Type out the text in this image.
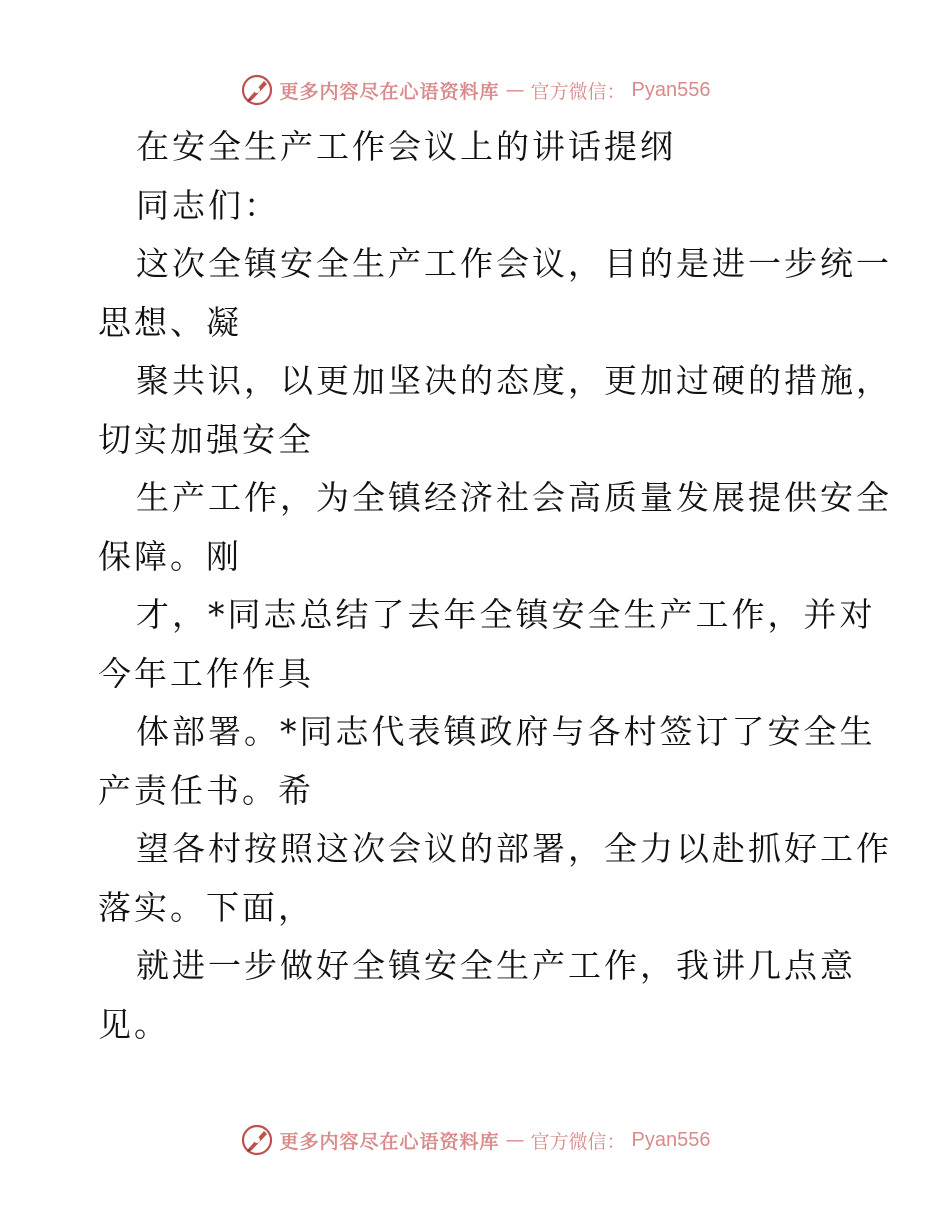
更多内容尽在心语资料库 — 官方微信： Pyan556
在安全生产工作会议上的讲话提纲
同志们：
这次全镇安全生产工作会议，目的是进一步统一
思想、凝
聚共识，以更加坚决的态度，更加过硬的措施，
切实加强安全
生产工作，为全镇经济社会高质量发展提供安全
保障。刚
才，*同志总结了去年全镇安全生产工作，并对
今年工作作具
体部署。*同志代表镇政府与各村签订了安全生
产责任书。希
望各村按照这次会议的部署，全力以赴抓好工作
落实。下面，
就进一步做好全镇安全生产工作，我讲几点意
见。
更多内容尽在心语资料库 — 官方微信： Pyan556
